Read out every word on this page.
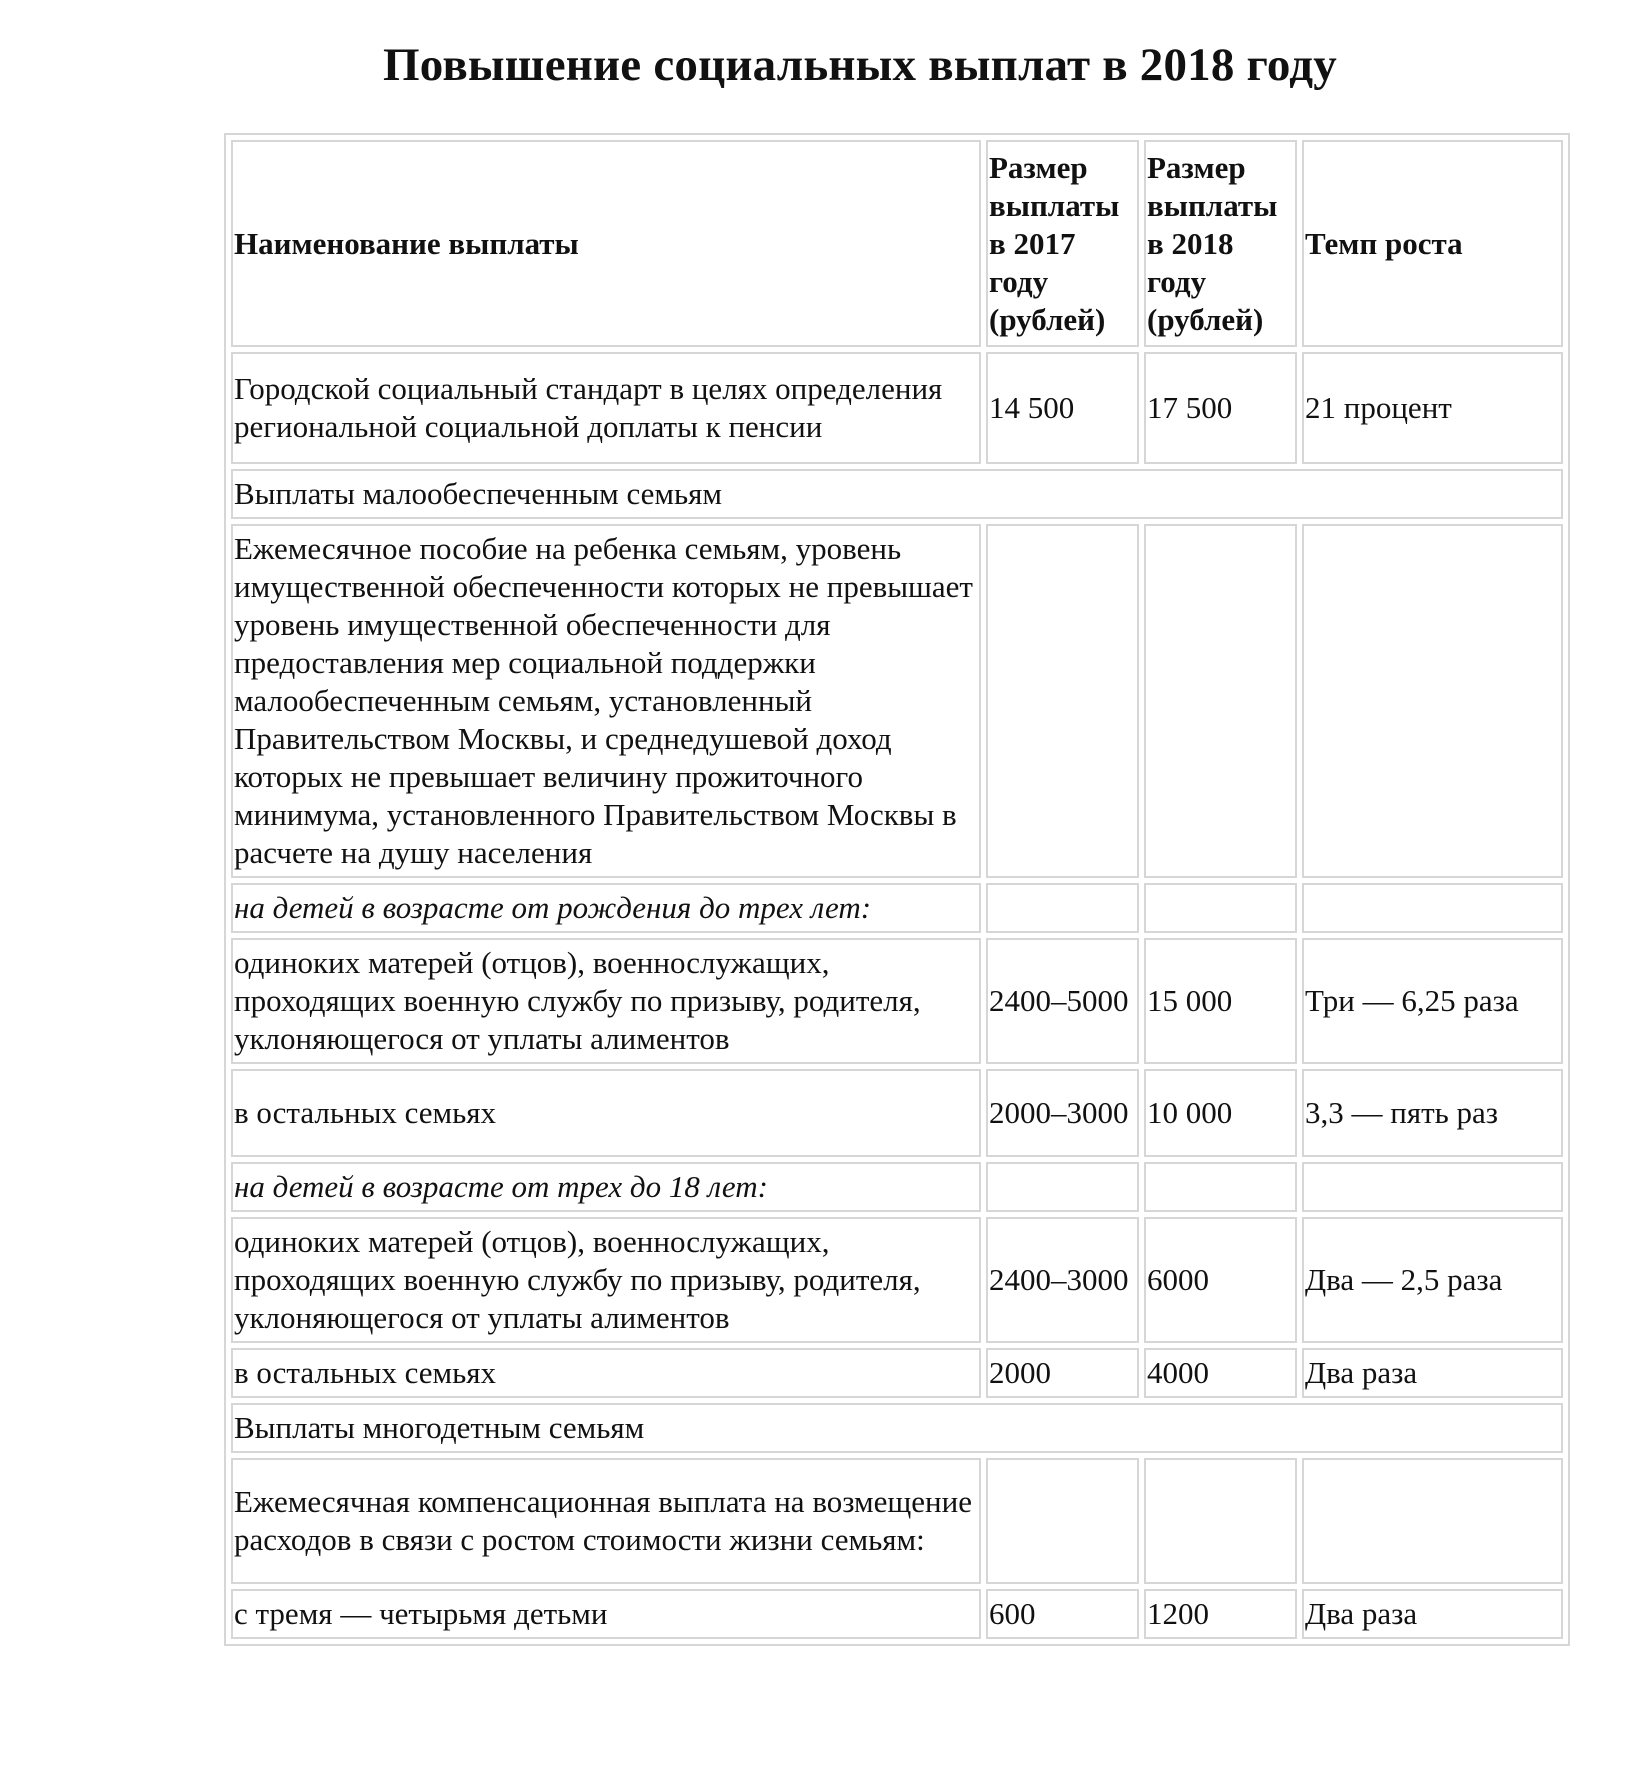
Повышение социальных выплат в 2018 году
Наименование выплаты	Размер выплаты в 2017 году (рублей)	Размер выплаты в 2018 году (рублей)	Темп роста
Городской социальный стандарт в целях определения региональной социальной доплаты к пенсии	14 500	17 500	21 процент
Выплаты малообеспеченным семьям			
Ежемесячное пособие на ребенка семьям, уровень имущественной обеспеченности которых не превышает уровень имущественной обеспеченности для предоставления мер социальной поддержки малообеспеченным семьям, установленный Правительством Москвы, и среднедушевой доход которых не превышает величину прожиточного минимума, установленного Правительством Москвы в расчете на душу населения			
на детей в возрасте от рождения до трех лет:			
одиноких матерей (отцов), военнослужащих, проходящих военную службу по призыву, родителя, уклоняющегося от уплаты алиментов	2400–5000	15 000	Три — 6,25 раза
в остальных семьях	2000–3000	10 000	3,3 — пять раз
на детей в возрасте от трех до 18 лет:			
одиноких матерей (отцов), военнослужащих, проходящих военную службу по призыву, родителя, уклоняющегося от уплаты алиментов	2400–3000	6000	Два — 2,5 раза
в остальных семьях	2000	4000	Два раза
Выплаты многодетным семьям			
Ежемесячная компенсационная выплата на возмещение расходов в связи с ростом стоимости жизни семьям:			
с тремя — четырьмя детьми	600	1200	Два раза
